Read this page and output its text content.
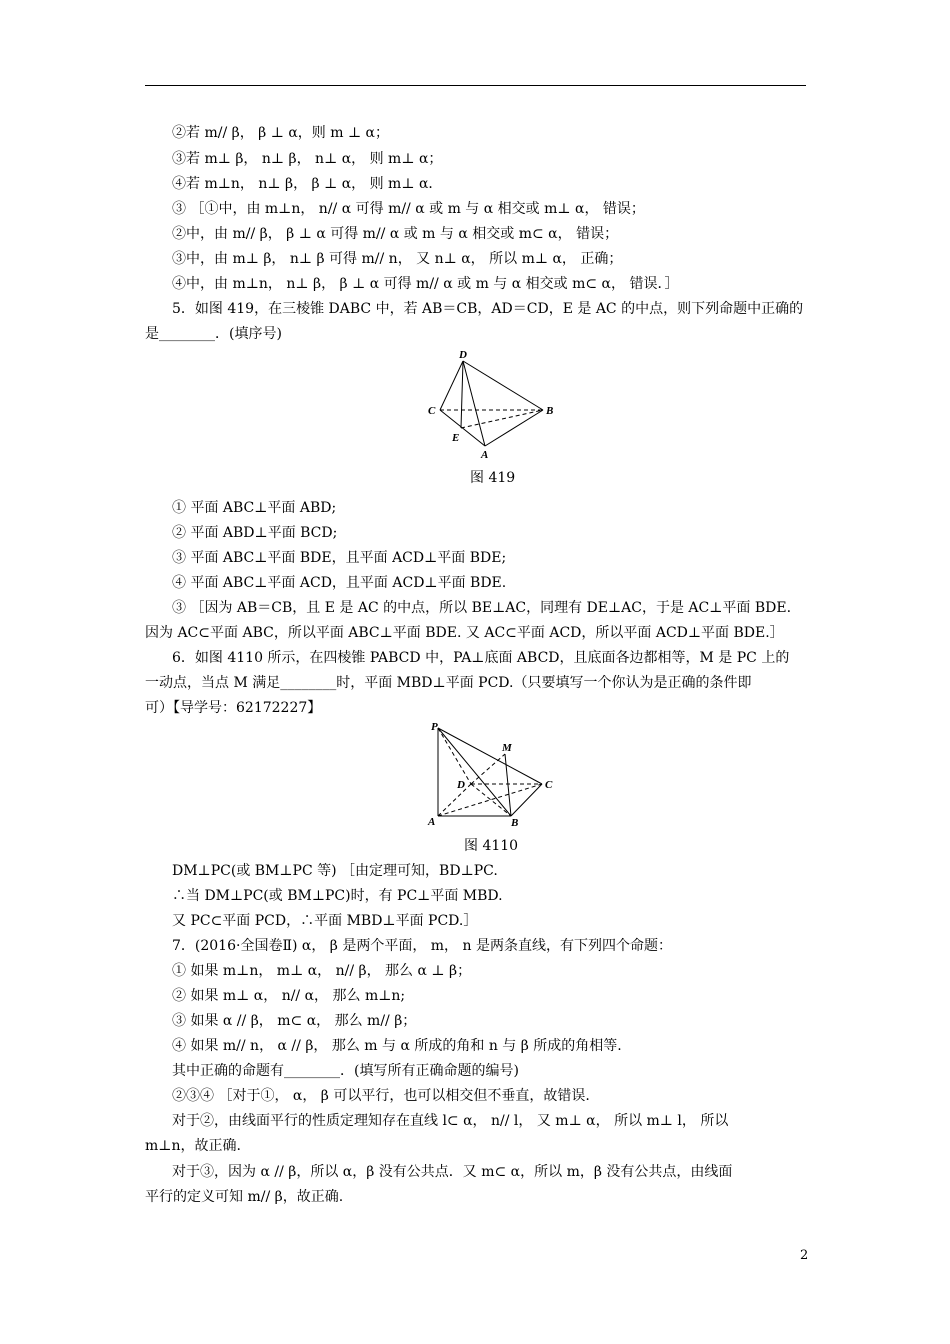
②若 m// β， β ⊥ α，则 m ⊥ α；
③若 m⊥ β， n⊥ β， n⊥ α， 则 m⊥ α；
④若 m⊥n， n⊥ β， β ⊥ α， 则 m⊥ α．
③ ［①中，由 m⊥n， n// α 可得 m// α 或 m 与 α 相交或 m⊥ α， 错误；
②中，由 m// β， β ⊥ α 可得 m// α 或 m 与 α 相交或 m⊂ α， 错误；
③中，由 m⊥ β， n⊥ β 可得 m// n， 又 n⊥ α， 所以 m⊥ α， 正确；
④中，由 m⊥n， n⊥ β， β ⊥ α 可得 m// α 或 m 与 α 相交或 m⊂ α， 错误．］
5．如图 419，在三棱锥 DABC 中，若 AB＝CB，AD＝CD，E 是 AC 的中点，则下列命题中正确的
是________．(填序号)
D
C	B
E
A
图 419
① 平面 ABC⊥平面 ABD;
② 平面 ABD⊥平面 BCD;
③ 平面 ABC⊥平面 BDE，且平面 ACD⊥平面 BDE;
④ 平面 ABC⊥平面 ACD，且平面 ACD⊥平面 BDE.
③ ［因为 AB＝CB，且 E 是 AC 的中点，所以 BE⊥AC，同理有 DE⊥AC，于是 AC⊥平面 BDE.
因为 AC⊂平面 ABC，所以平面 ABC⊥平面 BDE. 又 AC⊂平面 ACD，所以平面 ACD⊥平面 BDE.］
6．如图 4110 所示，在四棱锥 PABCD 中，PA⊥底面 ABCD，且底面各边都相等，M 是 PC 上的
一动点，当点 M 满足________时，平面 MBD⊥平面 PCD.（只要填写一个你认为是正确的条件即
可）【导学号：62172227】
P
M
D	C
A	B
图 4110
DM⊥PC(或 BM⊥PC 等) ［由定理可知，BD⊥PC.
∴当 DM⊥PC(或 BM⊥PC)时，有 PC⊥平面 MBD.
又 PC⊂平面 PCD，∴平面 MBD⊥平面 PCD.］
7．(2016·全国卷Ⅱ) α， β 是两个平面， m， n 是两条直线，有下列四个命题：
① 如果 m⊥n， m⊥ α， n// β， 那么 α ⊥ β；
② 如果 m⊥ α， n// α， 那么 m⊥n;
③ 如果 α // β， m⊂ α， 那么 m// β；
④ 如果 m// n， α // β， 那么 m 与 α 所成的角和 n 与 β 所成的角相等.
其中正确的命题有________．(填写所有正确命题的编号)
②③④ ［对于①， α， β 可以平行，也可以相交但不垂直，故错误.
对于②，由线面平行的性质定理知存在直线 l⊂ α， n// l， 又 m⊥ α， 所以 m⊥ l， 所以
m⊥n，故正确.
对于③，因为 α // β，所以 α，β 没有公共点．又 m⊂ α，所以 m，β 没有公共点，由线面
平行的定义可知 m// β，故正确.
2
